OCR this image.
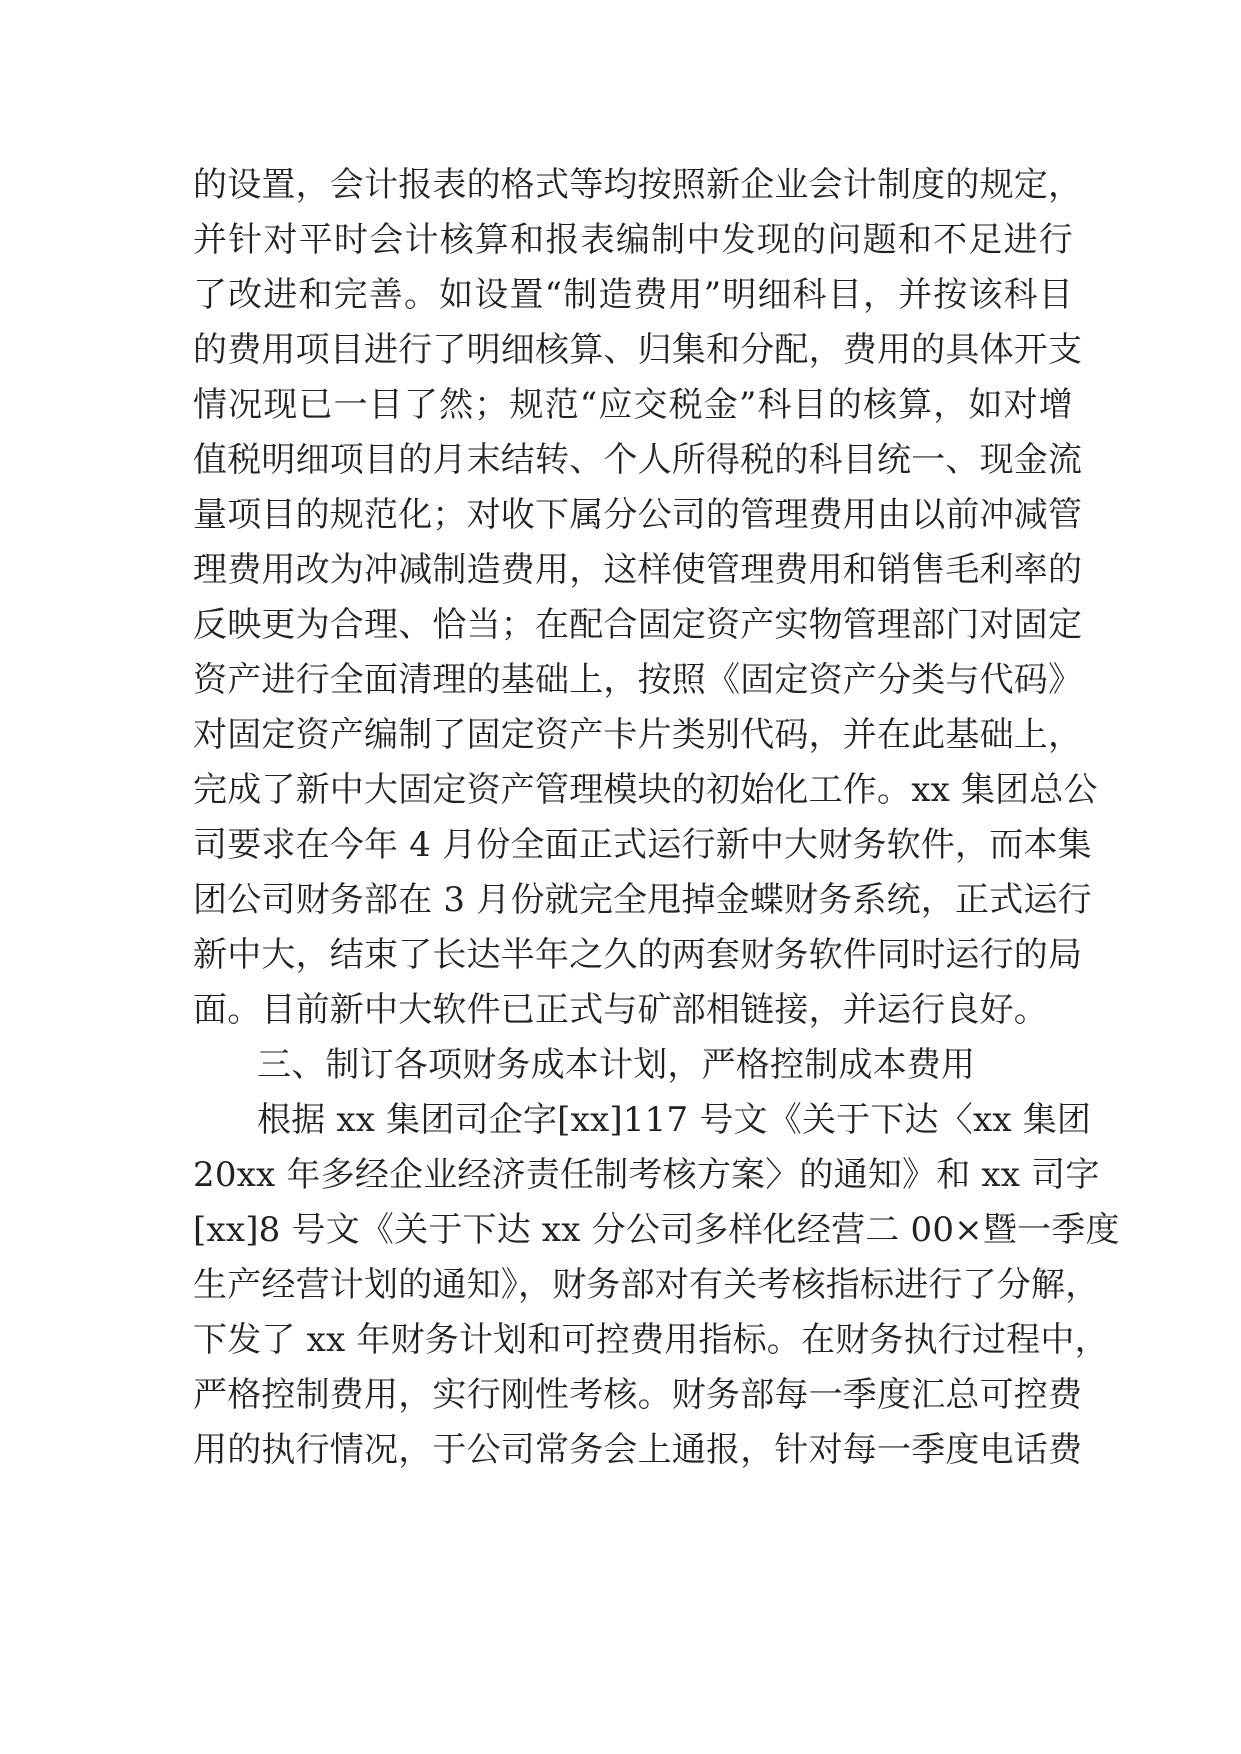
的设置，会计报表的格式等均按照新企业会计制度的规定，
并针对平时会计核算和报表编制中发现的问题和不足进行
了改进和完善。如设置“制造费用”明细科目，并按该科目
的费用项目进行了明细核算、归集和分配，费用的具体开支
情况现已一目了然；规范“应交税金”科目的核算，如对增
值税明细项目的月末结转、个人所得税的科目统一、现金流
量项目的规范化；对收下属分公司的管理费用由以前冲减管
理费用改为冲减制造费用，这样使管理费用和销售毛利率的
反映更为合理、恰当；在配合固定资产实物管理部门对固定
资产进行全面清理的基础上，按照《固定资产分类与代码》
对固定资产编制了固定资产卡片类别代码，并在此基础上，
完成了新中大固定资产管理模块的初始化工作。xx 集团总公
司要求在今年 4 月份全面正式运行新中大财务软件，而本集
团公司财务部在 3 月份就完全甩掉金蝶财务系统，正式运行
新中大，结束了长达半年之久的两套财务软件同时运行的局
面。目前新中大软件已正式与矿部相链接，并运行良好。
三、制订各项财务成本计划，严格控制成本费用
根据 xx 集团司企字[xx]117 号文《关于下达〈xx 集团
20xx 年多经企业经济责任制考核方案〉的通知》和 xx 司字
[xx]8 号文《关于下达 xx 分公司多样化经营二 00×暨一季度
生产经营计划的通知》，财务部对有关考核指标进行了分解，
下发了 xx 年财务计划和可控费用指标。在财务执行过程中，
严格控制费用，实行刚性考核。财务部每一季度汇总可控费
用的执行情况，于公司常务会上通报，针对每一季度电话费
